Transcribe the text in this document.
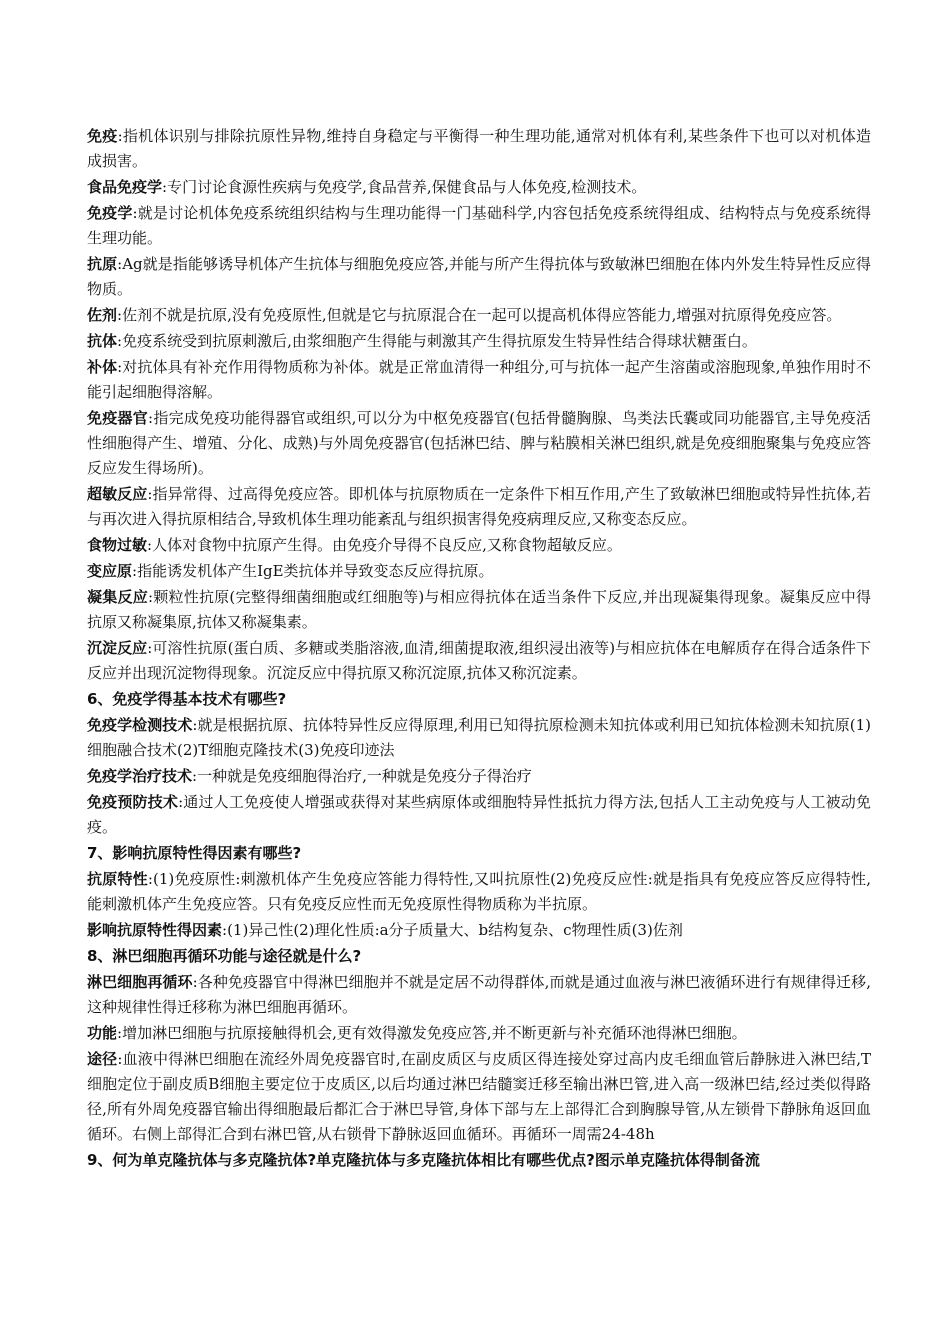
免疫:指机体识别与排除抗原性异物,维持自身稳定与平衡得一种生理功能,通常对机体有利,某些条件下也可以对机体造成损害。
食品免疫学:专门讨论食源性疾病与免疫学,食品营养,保健食品与人体免疫,检测技术。
免疫学:就是讨论机体免疫系统组织结构与生理功能得一门基础科学,内容包括免疫系统得组成、结构特点与免疫系统得生理功能。
抗原:Ag就是指能够诱导机体产生抗体与细胞免疫应答,并能与所产生得抗体与致敏淋巴细胞在体内外发生特异性反应得物质。
佐剂:佐剂不就是抗原,没有免疫原性,但就是它与抗原混合在一起可以提高机体得应答能力,增强对抗原得免疫应答。
抗体:免疫系统受到抗原刺激后,由浆细胞产生得能与刺激其产生得抗原发生特异性结合得球状糖蛋白。
补体:对抗体具有补充作用得物质称为补体。就是正常血清得一种组分,可与抗体一起产生溶菌或溶胞现象,单独作用时不能引起细胞得溶解。
免疫器官:指完成免疫功能得器官或组织,可以分为中枢免疫器官(包括骨髓胸腺、鸟类法氏囊或同功能器官,主导免疫活性细胞得产生、增殖、分化、成熟)与外周免疫器官(包括淋巴结、脾与粘膜相关淋巴组织,就是免疫细胞聚集与免疫应答反应发生得场所)。
超敏反应:指异常得、过高得免疫应答。即机体与抗原物质在一定条件下相互作用,产生了致敏淋巴细胞或特异性抗体,若与再次进入得抗原相结合,导致机体生理功能紊乱与组织损害得免疫病理反应,又称变态反应。
食物过敏:人体对食物中抗原产生得。由免疫介导得不良反应,又称食物超敏反应。
变应原:指能诱发机体产生IgE类抗体并导致变态反应得抗原。
凝集反应:颗粒性抗原(完整得细菌细胞或红细胞等)与相应得抗体在适当条件下反应,并出现凝集得现象。凝集反应中得抗原又称凝集原,抗体又称凝集素。
沉淀反应:可溶性抗原(蛋白质、多糖或类脂溶液,血清,细菌提取液,组织浸出液等)与相应抗体在电解质存在得合适条件下反应并出现沉淀物得现象。沉淀反应中得抗原又称沉淀原,抗体又称沉淀素。
6、免疫学得基本技术有哪些?
免疫学检测技术:就是根据抗原、抗体特异性反应得原理,利用已知得抗原检测未知抗体或利用已知抗体检测未知抗原(1)细胞融合技术(2)T细胞克隆技术(3)免疫印迹法
免疫学治疗技术:一种就是免疫细胞得治疗,一种就是免疫分子得治疗
免疫预防技术:通过人工免疫使人增强或获得对某些病原体或细胞特异性抵抗力得方法,包括人工主动免疫与人工被动免疫。
7、影响抗原特性得因素有哪些?
抗原特性:(1)免疫原性:刺激机体产生免疫应答能力得特性,又叫抗原性(2)免疫反应性:就是指具有免疫应答反应得特性,能刺激机体产生免疫应答。只有免疫反应性而无免疫原性得物质称为半抗原。
影响抗原特性得因素:(1)异己性(2)理化性质:a分子质量大、b结构复杂、c物理性质(3)佐剂
8、淋巴细胞再循环功能与途径就是什么?
淋巴细胞再循环:各种免疫器官中得淋巴细胞并不就是定居不动得群体,而就是通过血液与淋巴液循环进行有规律得迁移,这种规律性得迁移称为淋巴细胞再循环。
功能:增加淋巴细胞与抗原接触得机会,更有效得激发免疫应答,并不断更新与补充循环池得淋巴细胞。
途径:血液中得淋巴细胞在流经外周免疫器官时,在副皮质区与皮质区得连接处穿过高内皮毛细血管后静脉进入淋巴结,T细胞定位于副皮质B细胞主要定位于皮质区,以后均通过淋巴结髓窦迁移至输出淋巴管,进入高一级淋巴结,经过类似得路径,所有外周免疫器官输出得细胞最后都汇合于淋巴导管,身体下部与左上部得汇合到胸腺导管,从左锁骨下静脉角返回血循环。右侧上部得汇合到右淋巴管,从右锁骨下静脉返回血循环。再循环一周需24-48h
9、何为单克隆抗体与多克隆抗体?单克隆抗体与多克隆抗体相比有哪些优点?图示单克隆抗体得制备流
